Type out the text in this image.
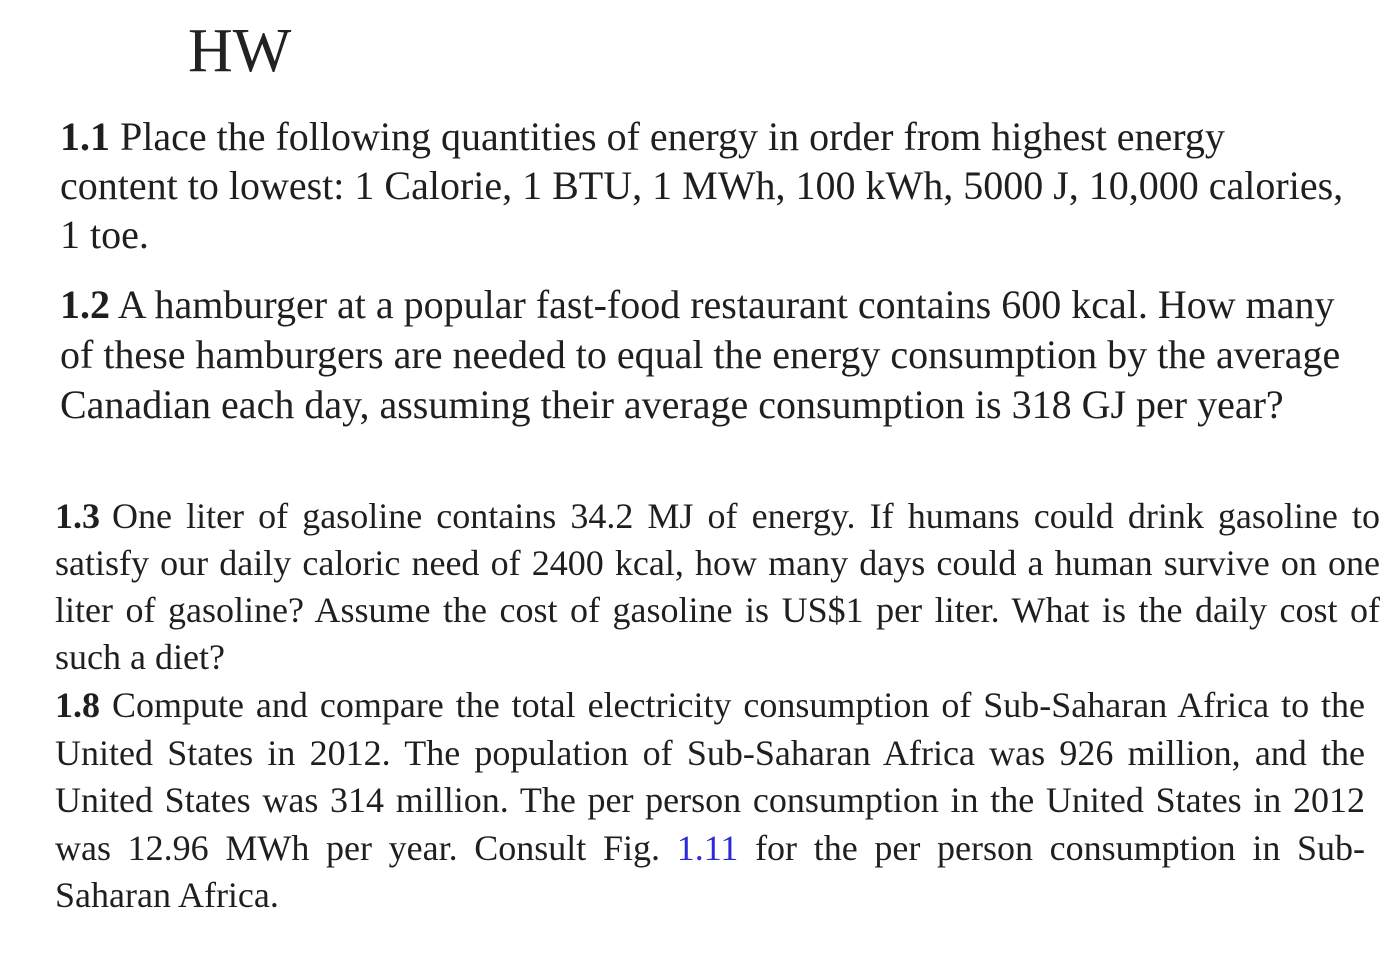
HW

1.1 Place the following quantities of energy in order from highest energy content to lowest: 1 Calorie, 1 BTU, 1 MWh, 100 kWh, 5000 J, 10,000 calories, 1 toe.

1.2 A hamburger at a popular fast-food restaurant contains 600 kcal. How many of these hamburgers are needed to equal the energy consumption by the average Canadian each day, assuming their average consumption is 318 GJ per year?

1.3 One liter of gasoline contains 34.2 MJ of energy. If humans could drink gasoline to satisfy our daily caloric need of 2400 kcal, how many days could a human survive on one liter of gasoline? Assume the cost of gasoline is US$1 per liter. What is the daily cost of such a diet?

1.8 Compute and compare the total electricity consumption of Sub-Saharan Africa to the United States in 2012. The population of Sub-Saharan Africa was 926 million, and the United States was 314 million. The per person consumption in the United States in 2012 was 12.96 MWh per year. Consult Fig. 1.11 for the per person consumption in Sub-Saharan Africa.
